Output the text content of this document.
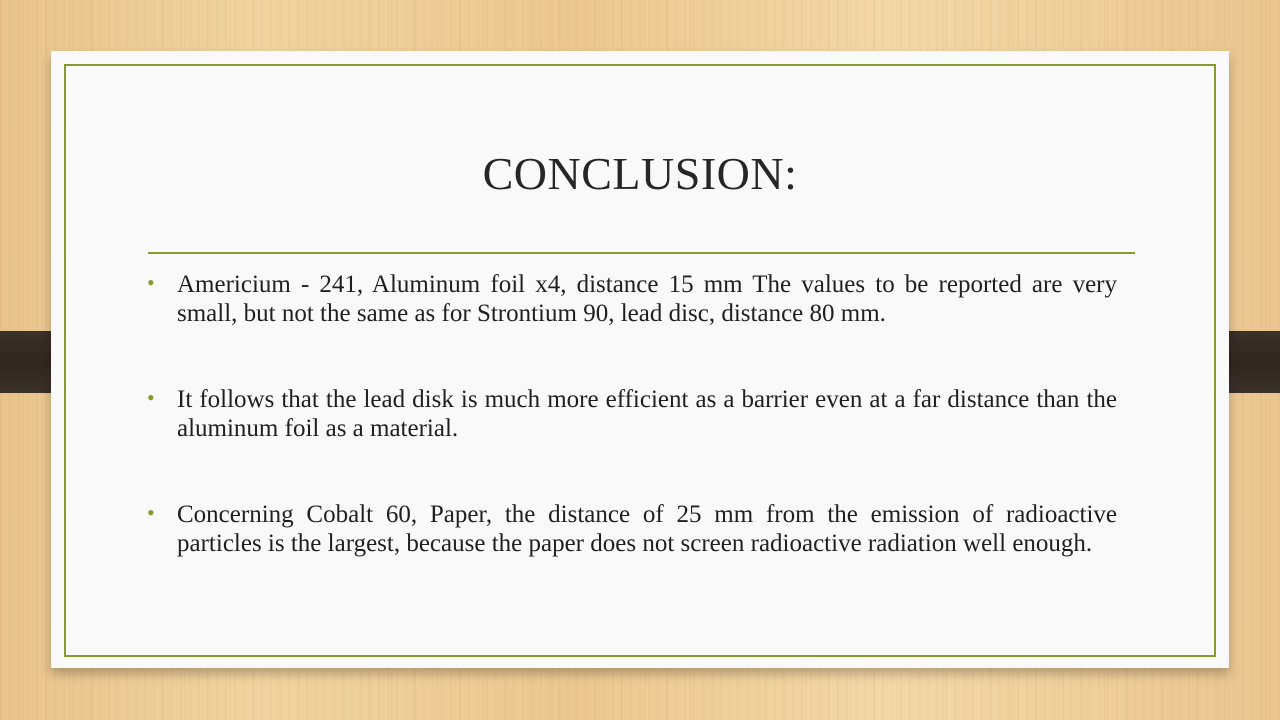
CONCLUSION:
• Americium - 241, Aluminum foil x4, distance 15 mm The values to be reported are very small, but not the same as for Strontium 90, lead disc, distance 80 mm.
• It follows that the lead disk is much more efficient as a barrier even at a far distance than the aluminum foil as a material.
• Concerning Cobalt 60, Paper, the distance of 25 mm from the emission of radioactive particles is the largest, because the paper does not screen radioactive radiation well enough.
